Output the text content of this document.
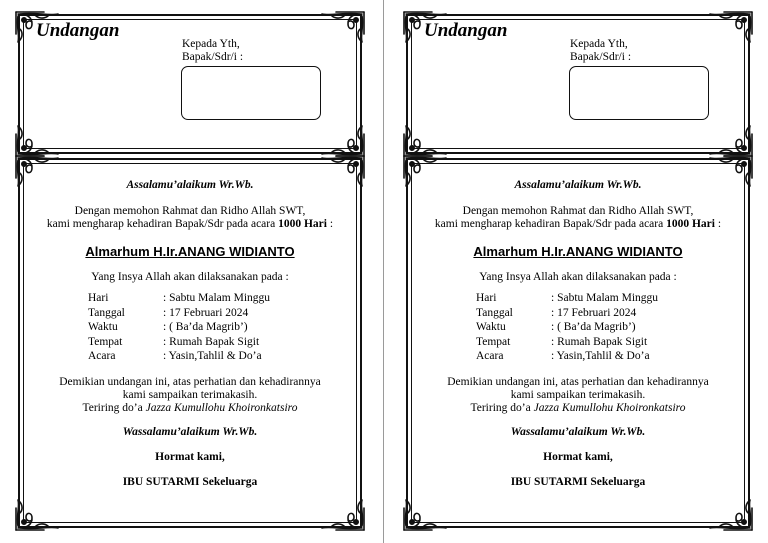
Undangan
Kepada Yth,
Bapak/Sdr/i :
Assalamu’alaikum Wr.Wb.
Dengan memohon Rahmat dan Ridho Allah SWT,
kami mengharap kehadiran Bapak/Sdr pada acara 1000 Hari :
Almarhum H.Ir.ANANG WIDIANTO
Yang Insya Allah akan dilaksanakan pada :
Hari	: Sabtu Malam Minggu
Tanggal	: 17 Februari 2024
Waktu	: ( Ba’da Magrib’)
Tempat	: Rumah Bapak Sigit
Acara	: Yasin,Tahlil & Do’a
Demikian undangan ini, atas perhatian dan kehadirannya
kami sampaikan terimakasih.
Teriring do’a Jazza Kumullohu Khoironkatsiro
Wassalamu’alaikum Wr.Wb.
Hormat kami,
IBU SUTARMI Sekeluarga
Undangan
Kepada Yth,
Bapak/Sdr/i :
Assalamu’alaikum Wr.Wb.
Dengan memohon Rahmat dan Ridho Allah SWT,
kami mengharap kehadiran Bapak/Sdr pada acara 1000 Hari :
Almarhum H.Ir.ANANG WIDIANTO
Yang Insya Allah akan dilaksanakan pada :
Hari	: Sabtu Malam Minggu
Tanggal	: 17 Februari 2024
Waktu	: ( Ba’da Magrib’)
Tempat	: Rumah Bapak Sigit
Acara	: Yasin,Tahlil & Do’a
Demikian undangan ini, atas perhatian dan kehadirannya
kami sampaikan terimakasih.
Teriring do’a Jazza Kumullohu Khoironkatsiro
Wassalamu’alaikum Wr.Wb.
Hormat kami,
IBU SUTARMI Sekeluarga
